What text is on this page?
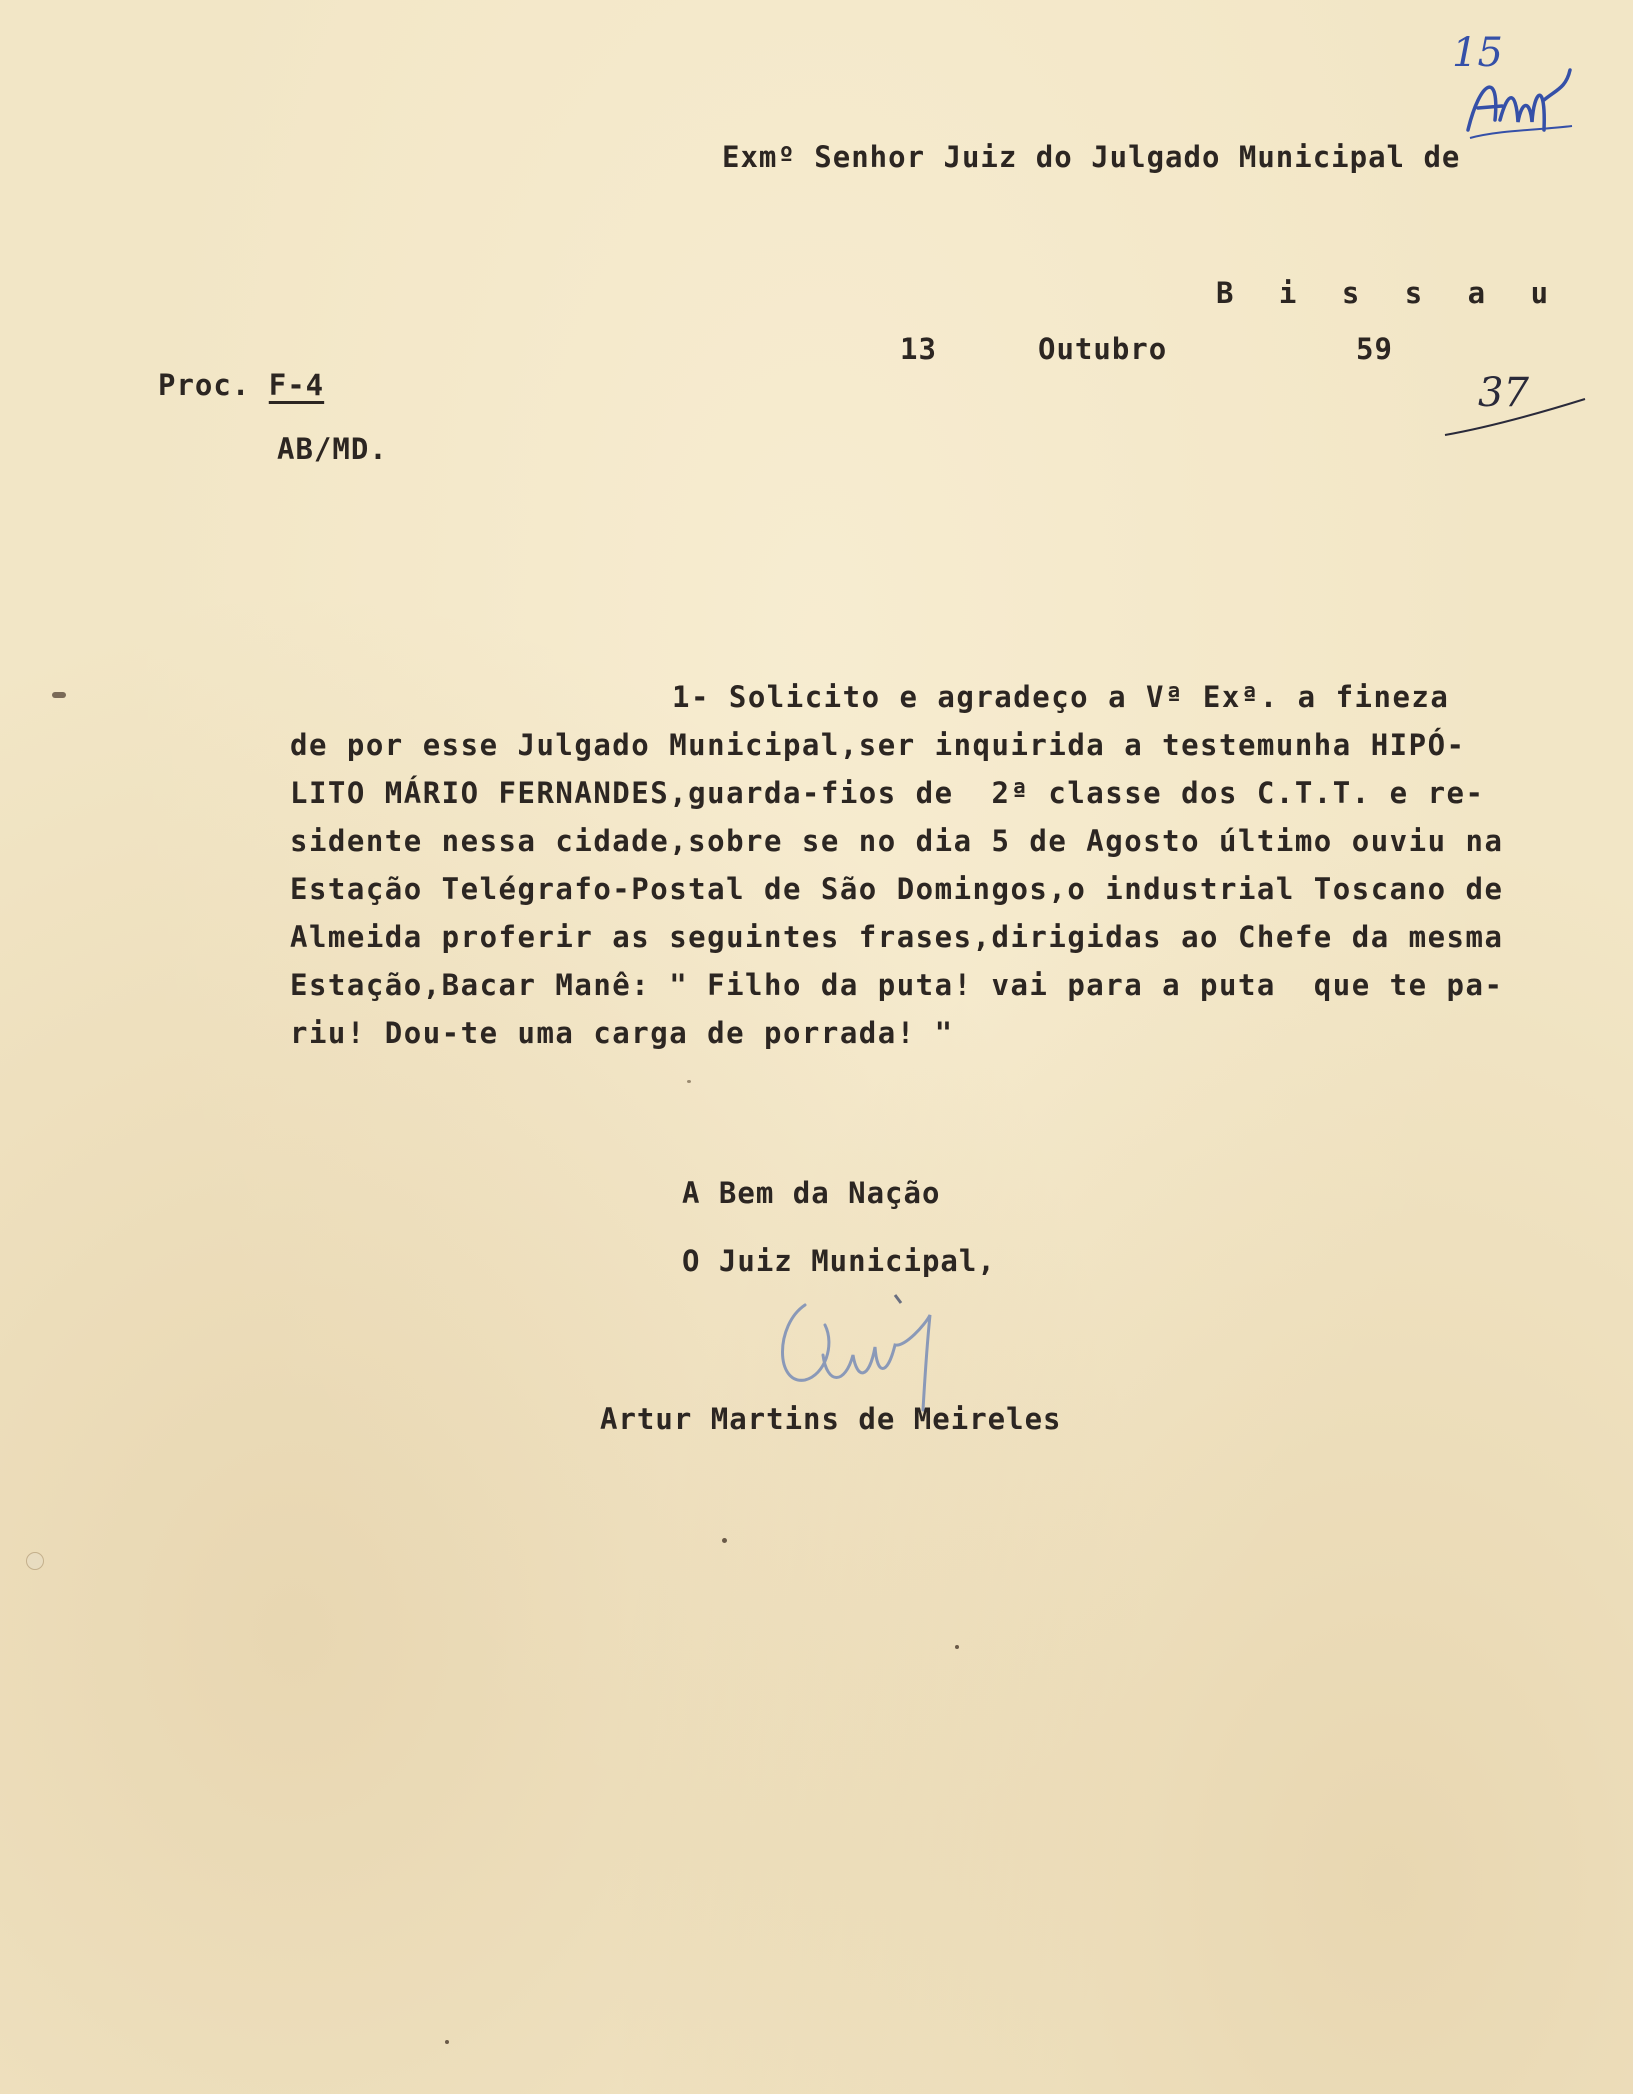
15
Exmº Senhor Juiz do Julgado Municipal de
B i s s a u
13	Outubro	59
Proc. F-4
AB/MD.
37
1- Solicito e agradeço a Vª Exª. a fineza
de por esse Julgado Municipal,ser inquirida a testemunha HIPÓ-
LITO MÁRIO FERNANDES,guarda-fios de  2ª classe dos C.T.T. e re-
sidente nessa cidade,sobre se no dia 5 de Agosto último ouviu na
Estação Telégrafo-Postal de São Domingos,o industrial Toscano de
Almeida proferir as seguintes frases,dirigidas ao Chefe da mesma
Estação,Bacar Manê: " Filho da puta! vai para a puta  que te pa-
riu! Dou-te uma carga de porrada! "
A Bem da Nação
O Juiz Municipal,
Artur Martins de Meireles
